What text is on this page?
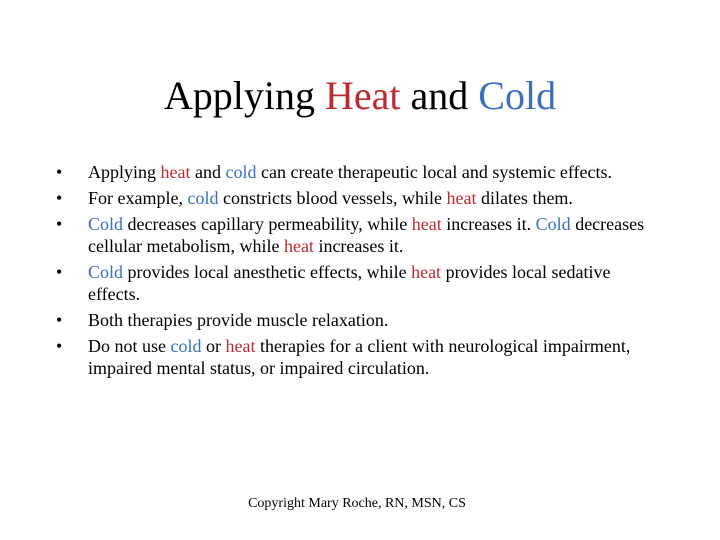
Applying Heat and Cold
•	Applying heat and cold can create therapeutic local and systemic effects.
•	For example, cold constricts blood vessels, while heat dilates them.
•	Cold decreases capillary permeability, while heat increases it. Cold decreases cellular metabolism, while heat increases it.
•	Cold provides local anesthetic effects, while heat provides local sedative effects.
•	Both therapies provide muscle relaxation.
•	Do not use cold or heat therapies for a client with neurological impairment, impaired mental status, or impaired circulation.
Copyright Mary Roche, RN, MSN, CS
